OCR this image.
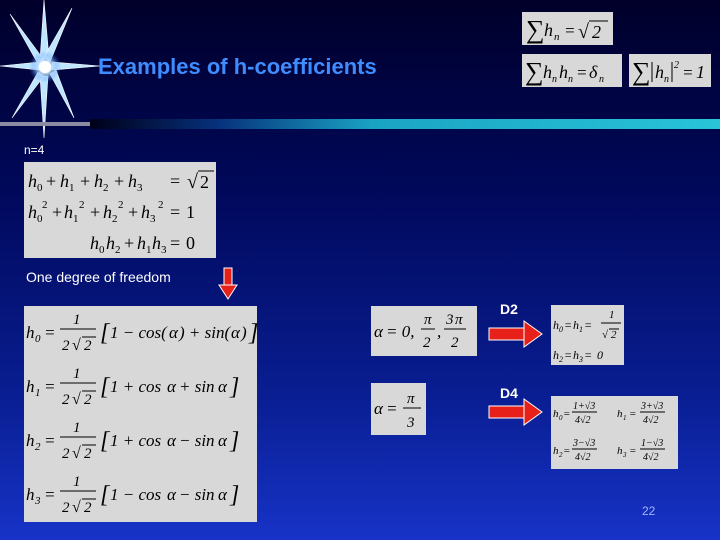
Examples of h-coefficients
∑ h n = √ 2
∑ h n h n = δ n ∑ h n
2 = 1
n=4
h 0 + h 1 + h 2 + h 3 = √ 2
h 0
2 + h 1
2 + h 2
2 + h 3
2 = 1
h 0 h 2 + h 1 h 3 = 0
One degree of freedom
h 0 =
1
2 √ 2 [ 1 − cos( α ) + sin( α ) ]
h 1 =
1
2 √ 2 [ 1 + cos α + sin α ]
h 2 =
1
2 √ 2 [ 1 + cos α − sin α ]
h 3 =
1
2 √ 2 [ 1 − cos α − sin α ]
α = 0,
π
2
,
3 π
2
α = π
3
D2
D4
h 0 = h 1 =
1
√ 2
h 2 = h 3 = 0
h 0 =
1+√3
4√2
h 1 =
3+√3
4√2
h 2 =
3−√3
4√2
h 3 =
1−√3
4√2
22
